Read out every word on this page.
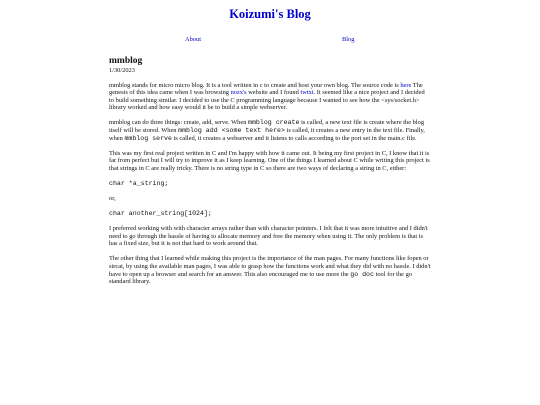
Koizumi's Blog
About	Blog
mmblog
1/30/2023

mmblog stands for micro micro blog. It is a tool written in c to create and host your own blog. The source code is here The genesis of this idea came when I was browsing nozx's website and I found twtxt. It seemed like a nice project and I decided to build something similar. I decided to use the C programming language because I wanted to see how the <sys/socket.h> library worked and how easy would it be to build a simple webserver.

mmblog can do three things: create, add, serve. When mmblog create is called, a new text file is create where the blog itself will be stored. When mmblog add <some text here> is called, it creates a new entry in the text file. Finally, when mmblog serve is called, it creates a webserver and it listens to calls according to the port set in the main.c file.

This was my first real project written in C and I'm happy with how it came out. It being my first project in C, I know that it is far from perfect but I will try to improve it as I keep learning. One of the things I learned about C while writing this project is that strings in C are really tricky. There is no string type in C so there are two ways of declaring a string in C, either:

char *a_string;

or,

char another_string[1024];

I preferred working with with character arrays rather than with character pointers. I felt that it was more intuitive and I didn't need to go through the hassle of having to allocate memory and free the memory when using it. The only problem is that is has a fixed size, but it is not that hard to work around that.

The other thing that I learned while making this project is the importance of the man pages. For many functions like fopen or strcat, by using the available man pages, I was able to grasp how the functions work and what they did with no hassle. I didn't have to open up a browser and search for an answer. This also encouraged me to use more the go doc tool for the go standard library.
